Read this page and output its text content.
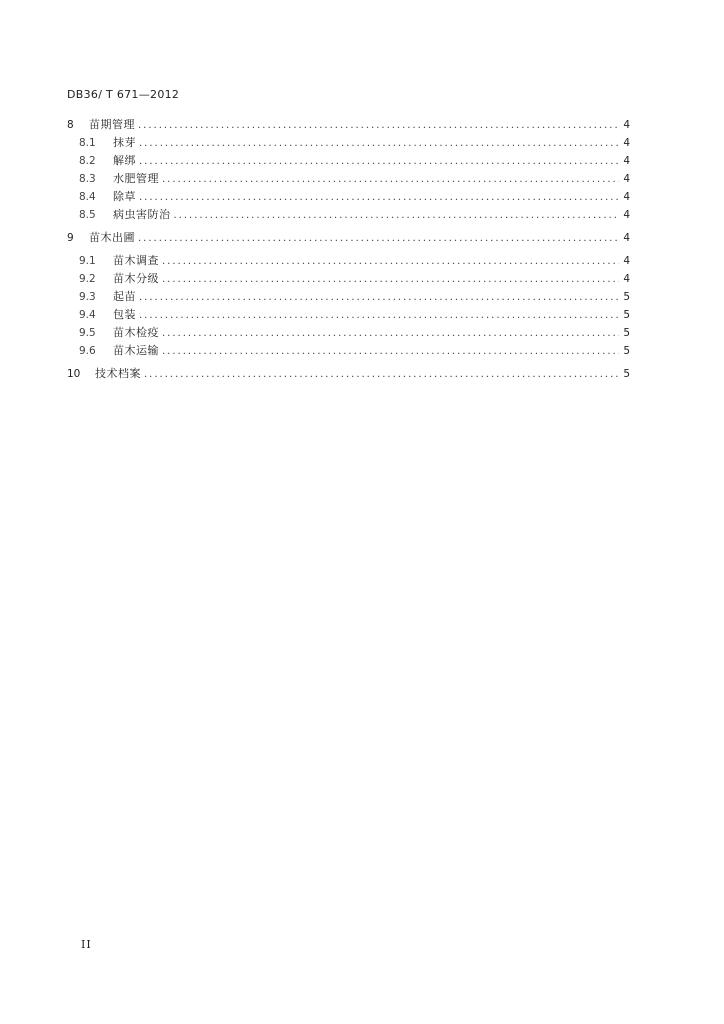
DB36/ T 671—2012
8	苗期管理 .....	4
8.1	抹芽 .....	4
8.2	解绑 .....	4
8.3	水肥管理 .....	4
8.4	除草 .....	4
8.5	病虫害防治 .....	4
9	苗木出圃 .....	4
9.1	苗木调查 .....	4
9.2	苗木分级 .....	4
9.3	起苗 .....	5
9.4	包装 .....	5
9.5	苗木检疫 .....	5
9.6	苗木运输 .....	5
10	技术档案 .....	5
II
